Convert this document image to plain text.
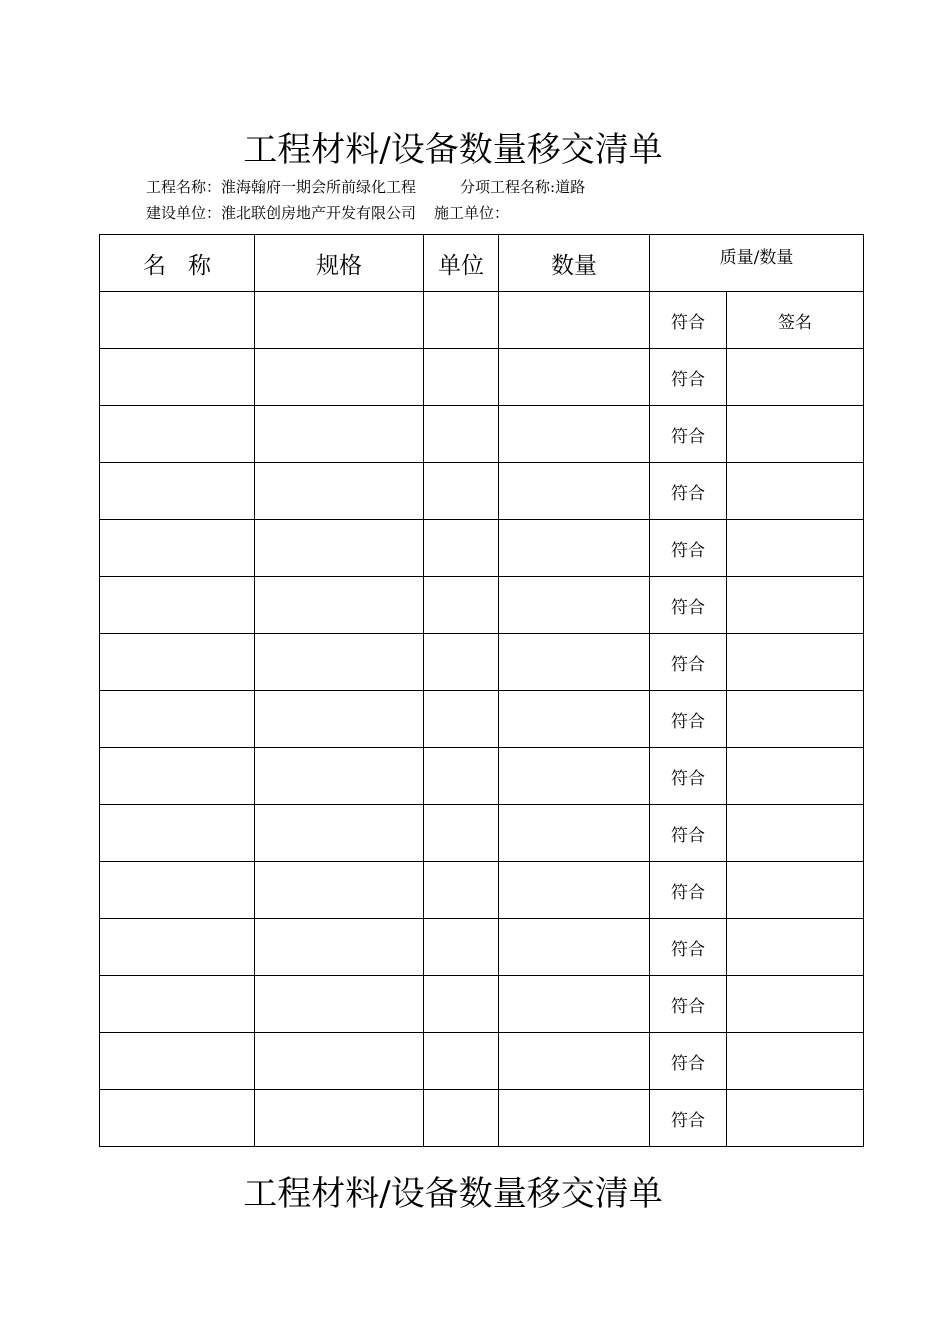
工程材料/设备数量移交清单
工程名称：淮海翰府一期会所前绿化工程	分项工程名称:道路
建设单位：淮北联创房地产开发有限公司 施工单位：
名称	规格	单位	数量	质量/数量	
				符合	签名
				符合	
				符合	
				符合	
				符合	
				符合	
				符合	
				符合	
				符合	
				符合	
				符合	
				符合	
				符合	
				符合	
				符合	
工程材料/设备数量移交清单
